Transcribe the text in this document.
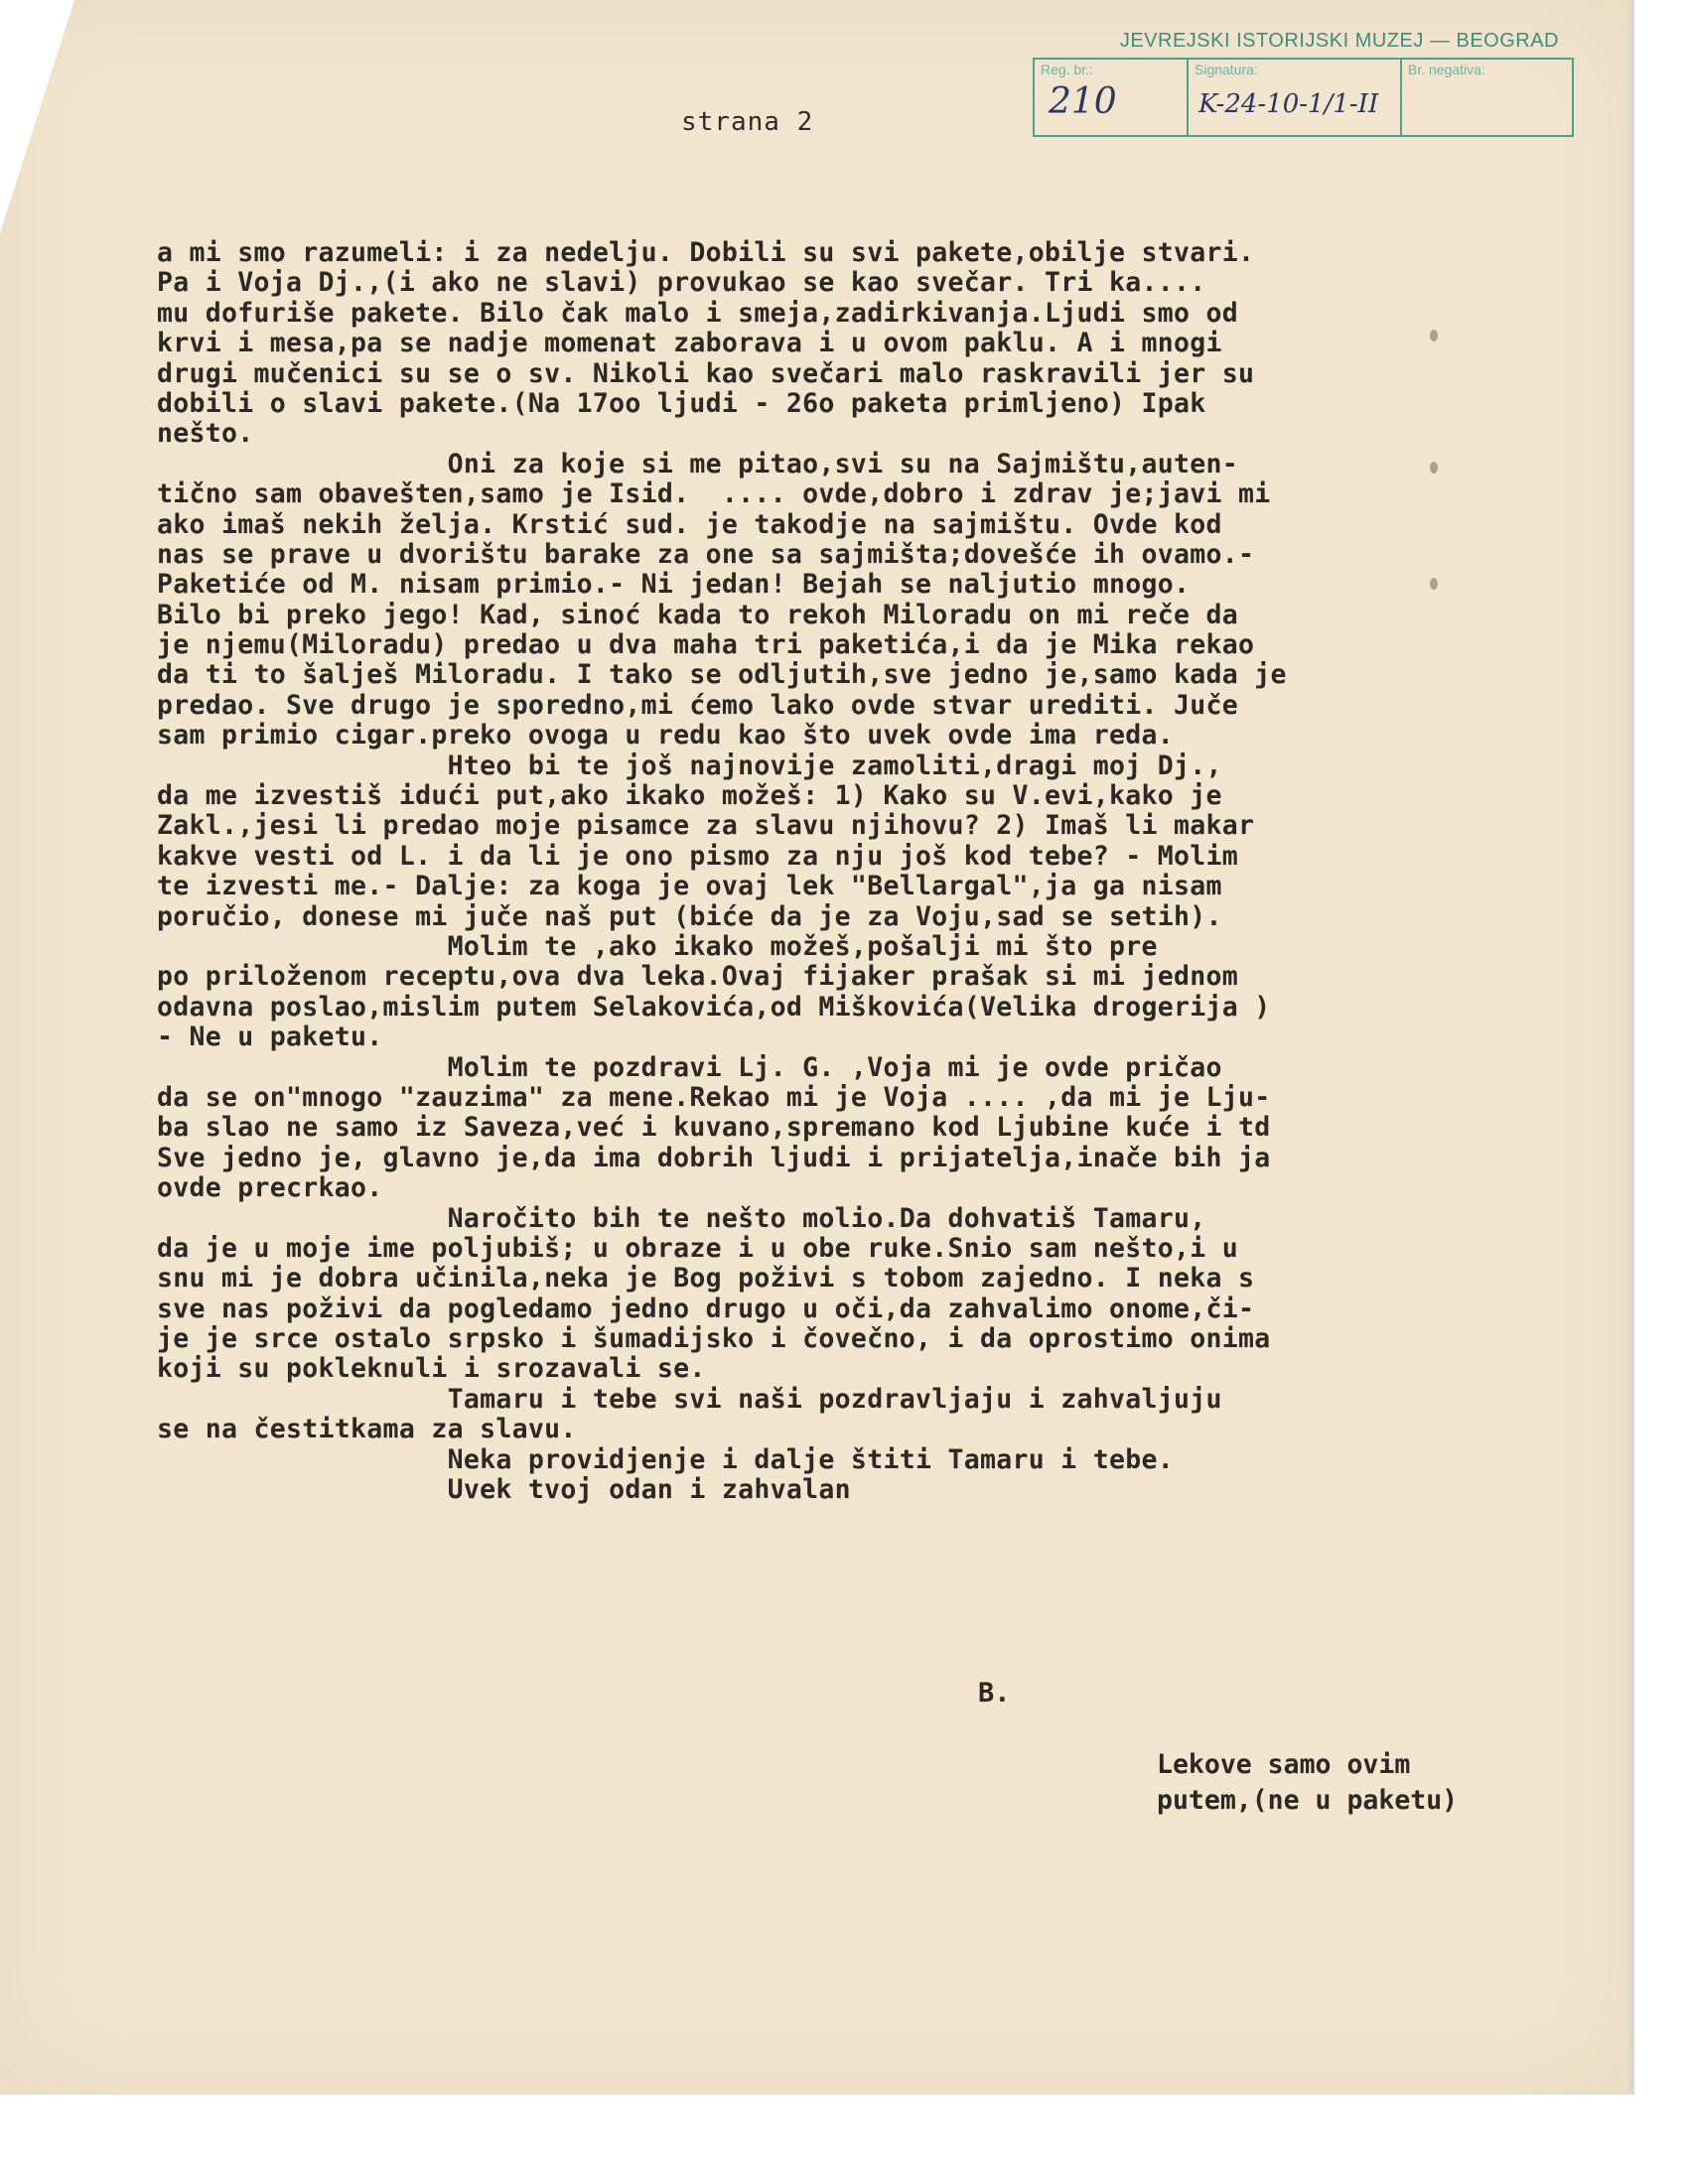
JEVREJSKI ISTORIJSKI MUZEJ — BEOGRAD
Reg. br.:
210
Signatura:
K-24-10-1/1-II
Br. negativa:
strana 2
a mi smo razumeli: i za nedelju. Dobili su svi pakete,obilje stvari.
Pa i Voja Dj.,(i ako ne slavi) provukao se kao svečar. Tri ka....
mu dofuriše pakete. Bilo čak malo i smeja,zadirkivanja.Ljudi smo od
krvi i mesa,pa se nadje momenat zaborava i u ovom paklu. A i mnogi
drugi mučenici su se o sv. Nikoli kao svečari malo raskravili jer su
dobili o slavi pakete.(Na 17oo ljudi - 26o paketa primljeno) Ipak
nešto.
Oni za koje si me pitao,svi su na Sajmištu,auten-
tično sam obavešten,samo je Isid.  .... ovde,dobro i zdrav je;javi mi
ako imaš nekih želja. Krstić sud. je takodje na sajmištu. Ovde kod
nas se prave u dvorištu barake za one sa sajmišta;dovešće ih ovamo.-
Paketiće od M. nisam primio.- Ni jedan! Bejah se naljutio mnogo.
Bilo bi preko jego! Kad, sinoć kada to rekoh Miloradu on mi reče da
je njemu(Miloradu) predao u dva maha tri paketića,i da je Mika rekao
da ti to šalješ Miloradu. I tako se odljutih,sve jedno je,samo kada je
predao. Sve drugo je sporedno,mi ćemo lako ovde stvar urediti. Juče
sam primio cigar.preko ovoga u redu kao što uvek ovde ima reda.
Hteo bi te još najnovije zamoliti,dragi moj Dj.,
da me izvestiš idući put,ako ikako možeš: 1) Kako su V.evi,kako je
Zakl.,jesi li predao moje pisamce za slavu njihovu? 2) Imaš li makar
kakve vesti od L. i da li je ono pismo za nju još kod tebe? - Molim
te izvesti me.- Dalje: za koga je ovaj lek "Bellargal",ja ga nisam
poručio, donese mi juče naš put (biće da je za Voju,sad se setih).
Molim te ,ako ikako možeš,pošalji mi što pre
po priloženom receptu,ova dva leka.Ovaj fijaker prašak si mi jednom
odavna poslao,mislim putem Selakovića,od Miškovića(Velika drogerija )
- Ne u paketu.
Molim te pozdravi Lj. G. ,Voja mi je ovde pričao
da se on"mnogo "zauzima" za mene.Rekao mi je Voja .... ,da mi je Lju-
ba slao ne samo iz Saveza,već i kuvano,spremano kod Ljubine kuće i td
Sve jedno je, glavno je,da ima dobrih ljudi i prijatelja,inače bih ja
ovde precrkao.
Naročito bih te nešto molio.Da dohvatiš Tamaru,
da je u moje ime poljubiš; u obraze i u obe ruke.Snio sam nešto,i u
snu mi je dobra učinila,neka je Bog poživi s tobom zajedno. I neka s
sve nas poživi da pogledamo jedno drugo u oči,da zahvalimo onome,či-
je je srce ostalo srpsko i šumadijsko i čovečno, i da oprostimo onima
koji su pokleknuli i srozavali se.
Tamaru i tebe svi naši pozdravljaju i zahvaljuju
se na čestitkama za slavu.
Neka providjenje i dalje štiti Tamaru i tebe.
Uvek tvoj odan i zahvalan
B.
Lekove samo ovim
putem,(ne u paketu)
